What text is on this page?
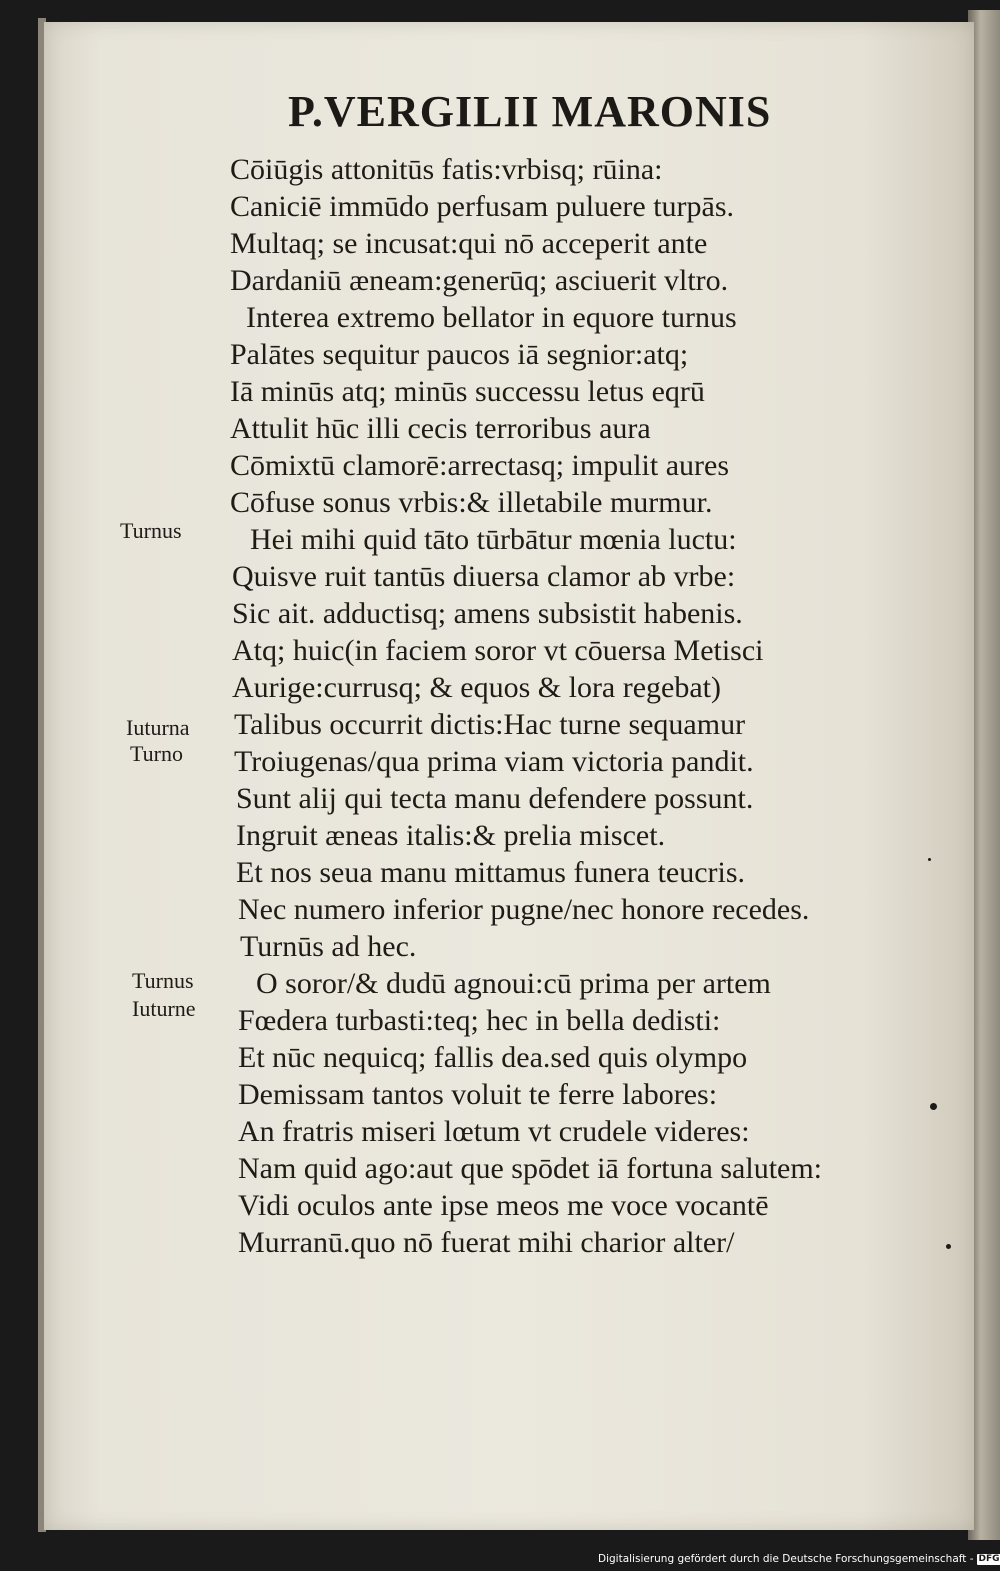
P.VERGILII MARONIS

Cōiūgis attonitūs fatis:vrbisq; rūina:

Caniciē immūdo perfusam puluere turpās.

Multaq; se incusat:qui nō acceperit ante

Dardaniū æneam:generūq; asciuerit vltro.

Interea extremo bellator in equore turnus

Palātes sequitur paucos iā segnior:atq;

Iā minūs atq; minūs successu letus eqrū

Attulit hūc illi cecis terroribus aura

Cōmixtū clamorē:arrectasq; impulit aures

Cōfuse sonus vrbis:& illetabile murmur.

Hei mihi quid tāto tūrbātur mœnia luctu:

Quisve ruit tantūs diuersa clamor ab vrbe:

Sic ait. adductisq; amens subsistit habenis.

Atq; huic(in faciem soror vt cōuersa Metisci

Aurige:currusq; & equos & lora regebat)

Talibus occurrit dictis:Hac turne sequamur

Troiugenas/qua prima viam victoria pandit.

Sunt alij qui tecta manu defendere possunt.

Ingruit æneas italis:& prelia miscet.

Et nos seua manu mittamus funera teucris.

Nec numero inferior pugne/nec honore recedes.

Turnūs ad hec.

O soror/& dudū agnoui:cū prima per artem

Fœdera turbasti:teq; hec in bella dedisti:

Et nūc nequicq; fallis dea.sed quis olympo

Demissam tantos voluit te ferre labores:

An fratris miseri lœtum vt crudele videres:

Nam quid ago:aut que spōdet iā fortuna salutem:

Vidi oculos ante ipse meos me voce vocantē

Murranū.quo nō fuerat mihi charior alter/

Turnus
Iuturna
Turno
Turnus
Iuturne
Digitalisierung gefördert durch die Deutsche Forschungsgemeinschaft - DFG
